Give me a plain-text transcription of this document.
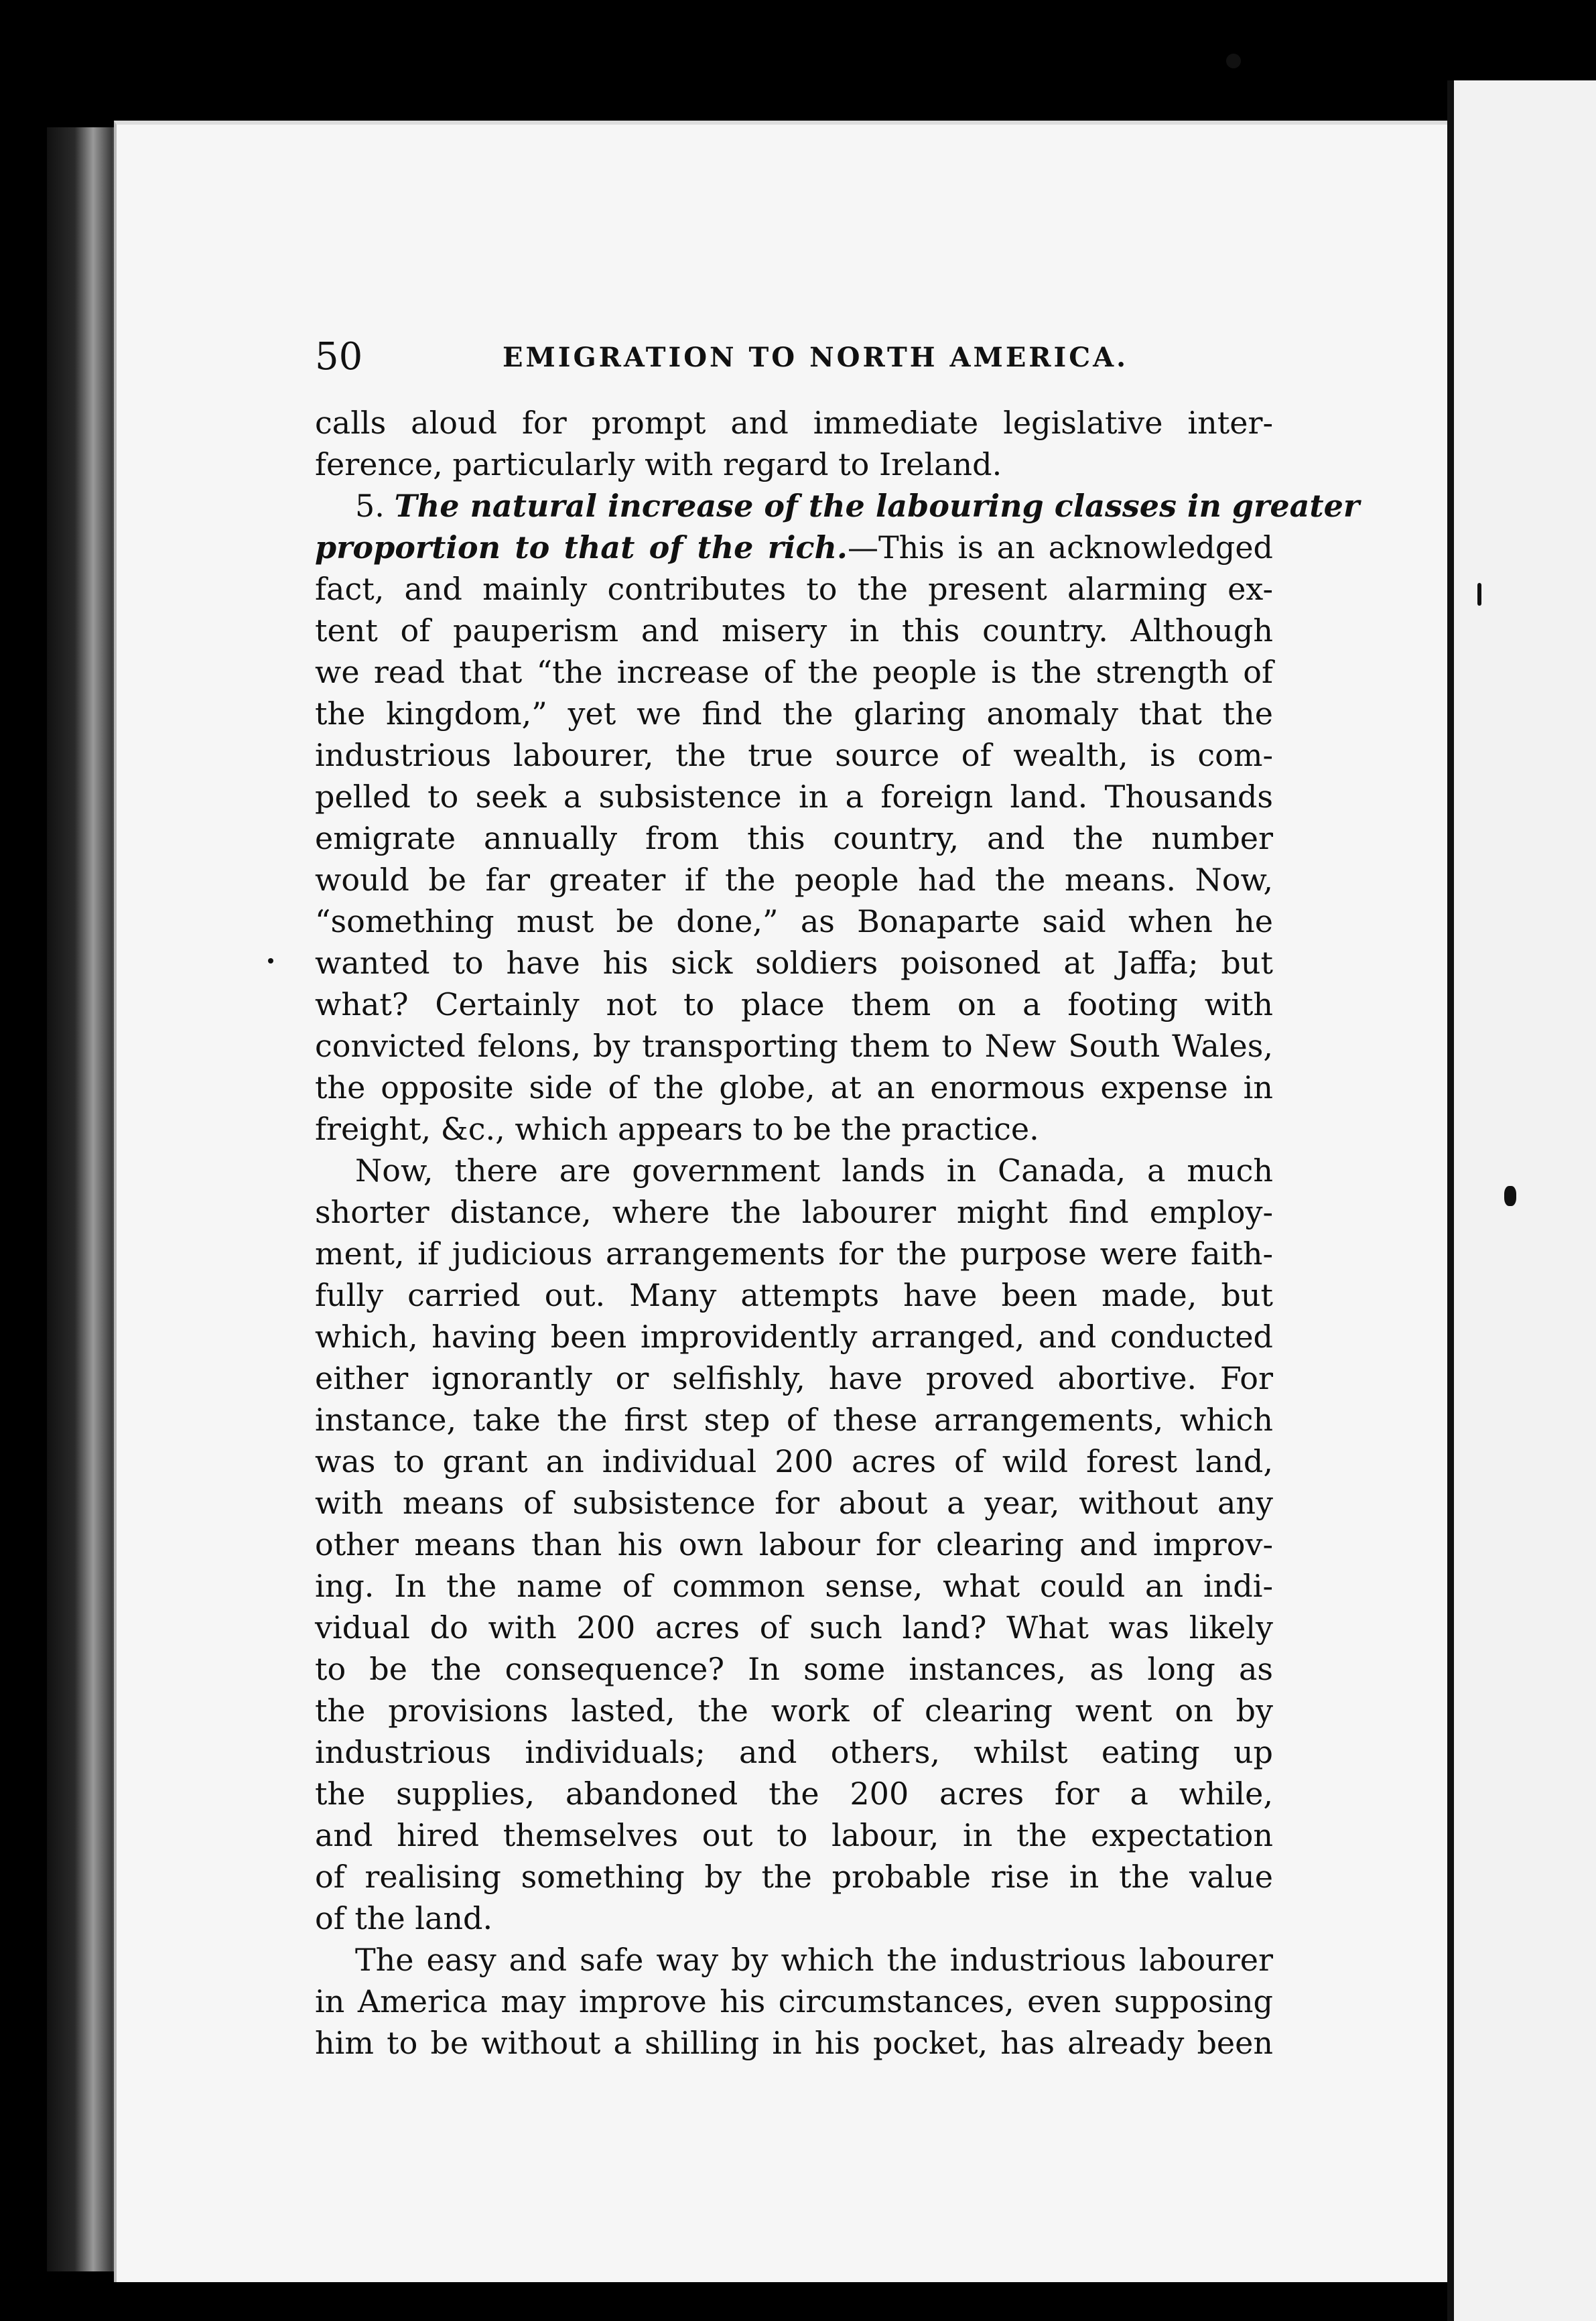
50	EMIGRATION TO NORTH AMERICA.
calls aloud for prompt and immediate legislative inter-
ference, particularly with regard to Ireland.
5. The natural increase of the labouring classes in greater
proportion to that of the rich.—This is an acknowledged
fact, and mainly contributes to the present alarming ex-
tent of pauperism and misery in this country. Although
we read that “the increase of the people is the strength of
the kingdom,” yet we find the glaring anomaly that the
industrious labourer, the true source of wealth, is com-
pelled to seek a subsistence in a foreign land. Thousands
emigrate annually from this country, and the number
would be far greater if the people had the means. Now,
“something must be done,” as Bonaparte said when he
wanted to have his sick soldiers poisoned at Jaffa; but
what? Certainly not to place them on a footing with
convicted felons, by transporting them to New South Wales,
the opposite side of the globe, at an enormous expense in
freight, &c., which appears to be the practice.
Now, there are government lands in Canada, a much
shorter distance, where the labourer might find employ-
ment, if judicious arrangements for the purpose were faith-
fully carried out. Many attempts have been made, but
which, having been improvidently arranged, and conducted
either ignorantly or selfishly, have proved abortive. For
instance, take the first step of these arrangements, which
was to grant an individual 200 acres of wild forest land,
with means of subsistence for about a year, without any
other means than his own labour for clearing and improv-
ing. In the name of common sense, what could an indi-
vidual do with 200 acres of such land? What was likely
to be the consequence? In some instances, as long as
the provisions lasted, the work of clearing went on by
industrious individuals; and others, whilst eating up
the supplies, abandoned the 200 acres for a while,
and hired themselves out to labour, in the expectation
of realising something by the probable rise in the value
of the land.
The easy and safe way by which the industrious labourer
in America may improve his circumstances, even supposing
him to be without a shilling in his pocket, has already been
